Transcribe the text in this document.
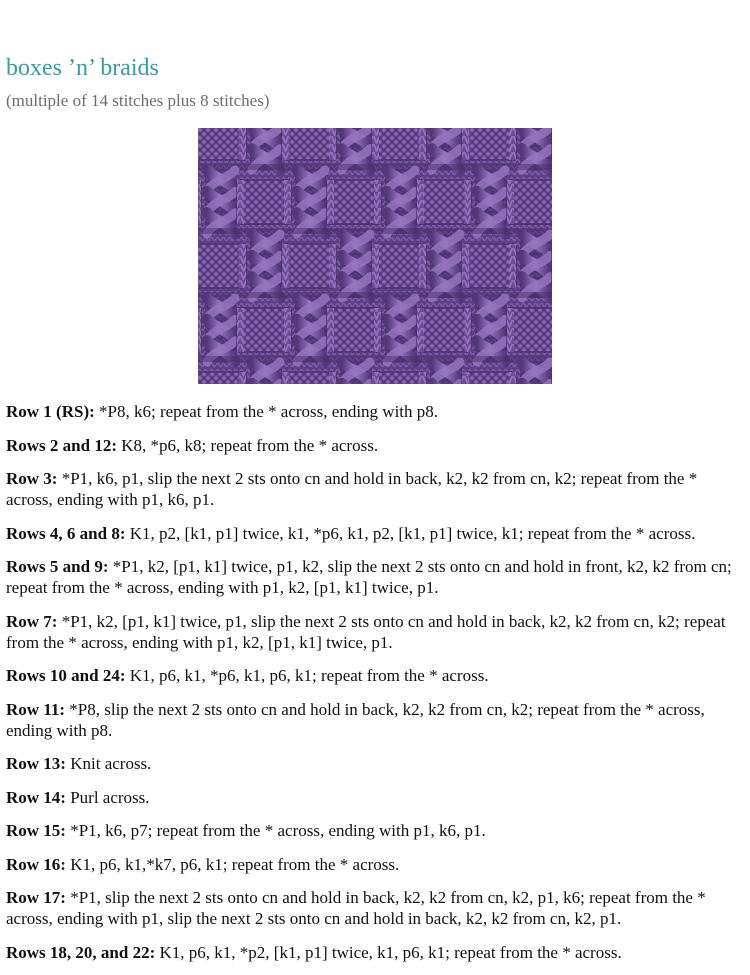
boxes ’n’ braids
(multiple of 14 stitches plus 8 stitches)
Row 1 (RS): *P8, k6; repeat from the * across, ending with p8.
Rows 2 and 12: K8, *p6, k8; repeat from the * across.
Row 3: *P1, k6, p1, slip the next 2 sts onto cn and hold in back, k2, k2 from cn, k2; repeat from the * across, ending with p1, k6, p1.
Rows 4, 6 and 8: K1, p2, [k1, p1] twice, k1, *p6, k1, p2, [k1, p1] twice, k1; repeat from the * across.
Rows 5 and 9: *P1, k2, [p1, k1] twice, p1, k2, slip the next 2 sts onto cn and hold in front, k2, k2 from cn; repeat from the * across, ending with p1, k2, [p1, k1] twice, p1.
Row 7: *P1, k2, [p1, k1] twice, p1, slip the next 2 sts onto cn and hold in back, k2, k2 from cn, k2; repeat from the * across, ending with p1, k2, [p1, k1] twice, p1.
Rows 10 and 24: K1, p6, k1, *p6, k1, p6, k1; repeat from the * across.
Row 11: *P8, slip the next 2 sts onto cn and hold in back, k2, k2 from cn, k2; repeat from the * across, ending with p8.
Row 13: Knit across.
Row 14: Purl across.
Row 15: *P1, k6, p7; repeat from the * across, ending with p1, k6, p1.
Row 16: K1, p6, k1,*k7, p6, k1; repeat from the * across.
Row 17: *P1, slip the next 2 sts onto cn and hold in back, k2, k2 from cn, k2, p1, k6; repeat from the * across, ending with p1, slip the next 2 sts onto cn and hold in back, k2, k2 from cn, k2, p1.
Rows 18, 20, and 22: K1, p6, k1, *p2, [k1, p1] twice, k1, p6, k1; repeat from the * across.
